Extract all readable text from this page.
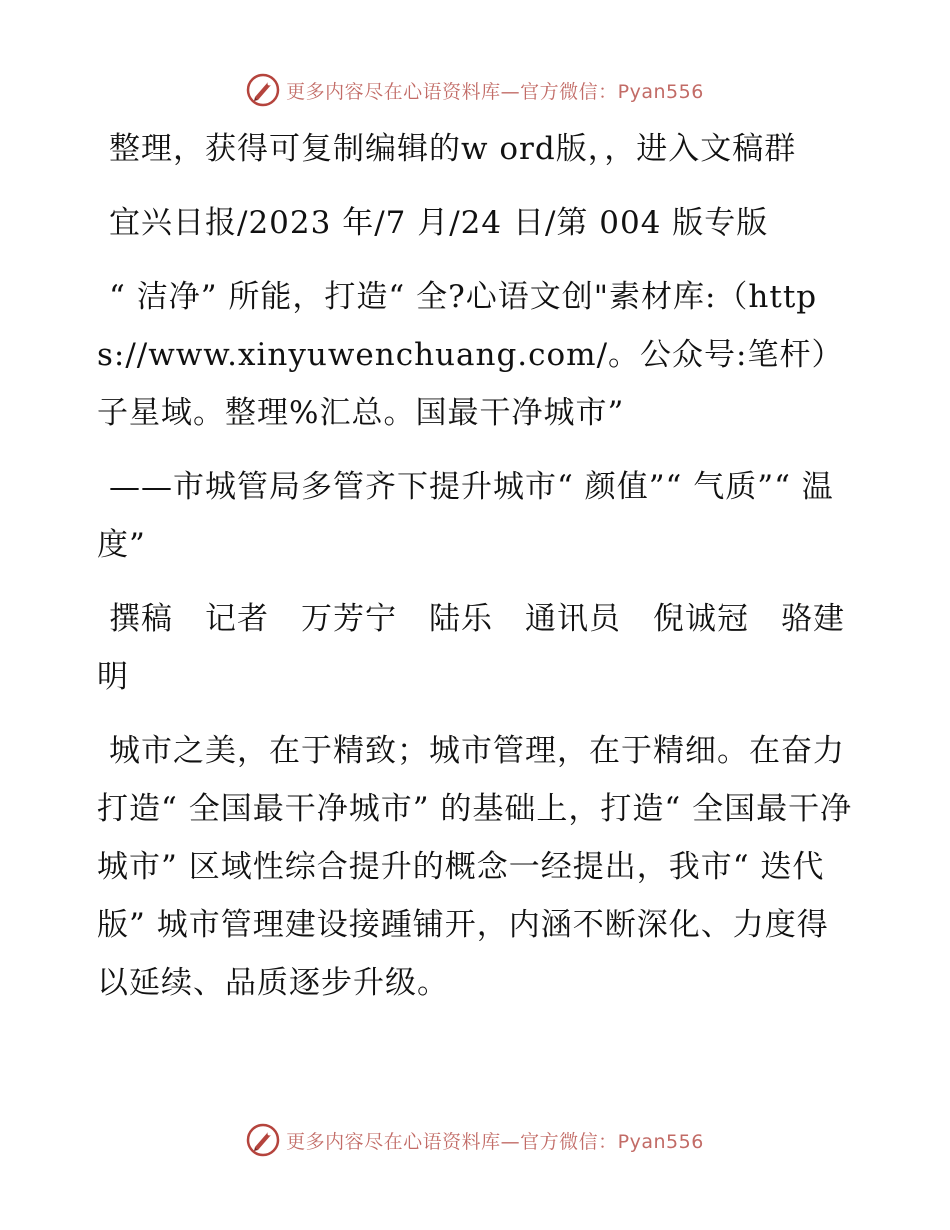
更多内容尽在心语资料库—官方微信：Pyan556

整理，获得可复制编辑的w ord版，，进入文稿群

宜兴日报/2023 年/7 月/24 日/第 004 版专版

“ 洁净” 所能，打造“ 全?心语文创"素材库:（https://www.xinyuwenchuang.com/。公众号:笔杆）子星域。整理%汇总。国最干净城市”

——市城管局多管齐下提升城市“ 颜值”“ 气质”“ 温度”

撰稿　记者　万芳宁　陆乐　通讯员　倪诚冠　骆建明

城市之美，在于精致；城市管理，在于精细。在奋力打造“ 全国最干净城市” 的基础上，打造“ 全国最干净城市” 区域性综合提升的概念一经提出，我市“ 迭代版” 城市管理建设接踵铺开，内涵不断深化、力度得以延续、品质逐步升级。

更多内容尽在心语资料库—官方微信：Pyan556
